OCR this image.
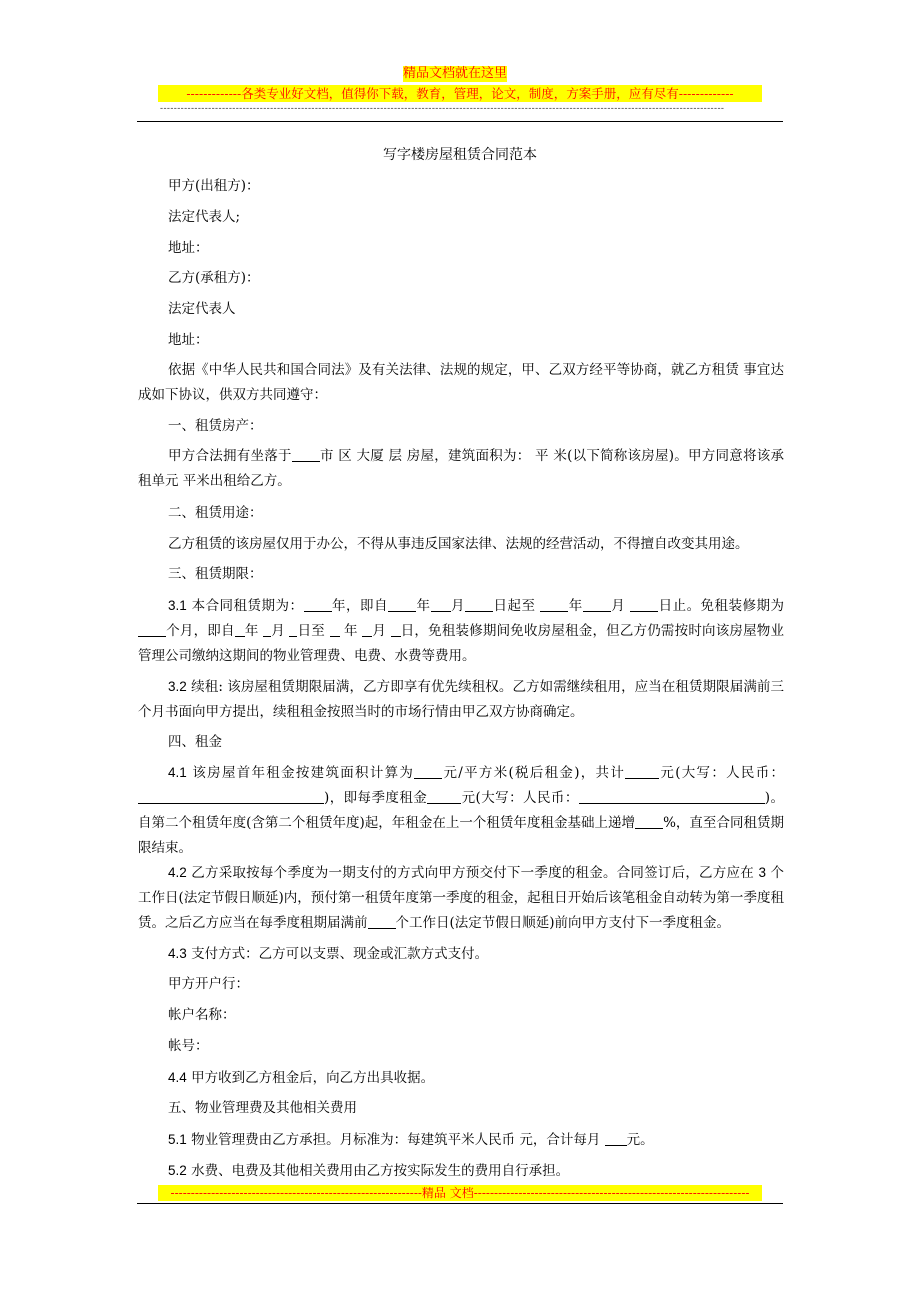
精品文档就在这里
-------------各类专业好文档，值得你下载，教育，管理，论文，制度，方案手册，应有尽有-------------
--------------------------------------------------------------------------------------------------------------------------------------------------------------------
写字楼房屋租赁合同范本

甲方(出租方)：

法定代表人;

地址：

乙方(承租方)：

法定代表人

地址：

依据《中华人民共和国合同法》及有关法律、法规的规定，甲、乙双方经平等协商，就乙方租赁 事宜达成如下协议，供双方共同遵守：

一、租赁房产：

甲方合法拥有坐落于 市 区 大厦 层 房屋，建筑面积为： 平 米(以下简称该房屋)。甲方同意将该承租单元 平米出租给乙方。

二、租赁用途：

乙方租赁的该房屋仅用于办公，不得从事违反国家法律、法规的经营活动，不得擅自改变其用途。

三、租赁期限：

3.1 本合同租赁期为： 年，即自 年 月 日起至 年 月 日止。免租装修期为个月，即自 年 月 日至  年 月 日，免租装修期间免收房屋租金，但乙方仍需按时向该房屋物业管理公司缴纳这期间的物业管理费、电费、水费等费用。

3.2 续租: 该房屋租赁期限届满，乙方即享有优先续租权。乙方如需继续租用，应当在租赁期限届满前三个月书面向甲方提出，续租租金按照当时的市场行情由甲乙双方协商确定。

四、租金

4.1 该房屋首年租金按建筑面积计算为 元/平方米(税后租金)，共计	元(大写：人民币：)，即每季度租金	元(大写：人民币：	)。自第二个租赁年度(含第二个租赁年度)起，年租金在上一个租赁年度租金基础上递增 %，直至合同租赁期限结束。

4.2 乙方采取按每个季度为一期支付的方式向甲方预交付下一季度的租金。合同签订后，乙方应在 3 个工作日(法定节假日顺延)内，预付第一租赁年度第一季度的租金，起租日开始后该笔租金自动转为第一季度租赁。之后乙方应当在每季度租期届满前 个工作日(法定节假日顺延)前向甲方支付下一季度租金。

4.3 支付方式：乙方可以支票、现金或汇款方式支付。

甲方开户行：

帐户名称：

帐号：

4.4 甲方收到乙方租金后，向乙方出具收据。

五、物业管理费及其他相关费用

5.1 物业管理费由乙方承担。月标准为：每建筑平米人民币 元，合计每月 元。

5.2 水费、电费及其他相关费用由乙方按实际发生的费用自行承担。

--------------------------------------------------------------精品 文档--------------------------------------------------------------------
